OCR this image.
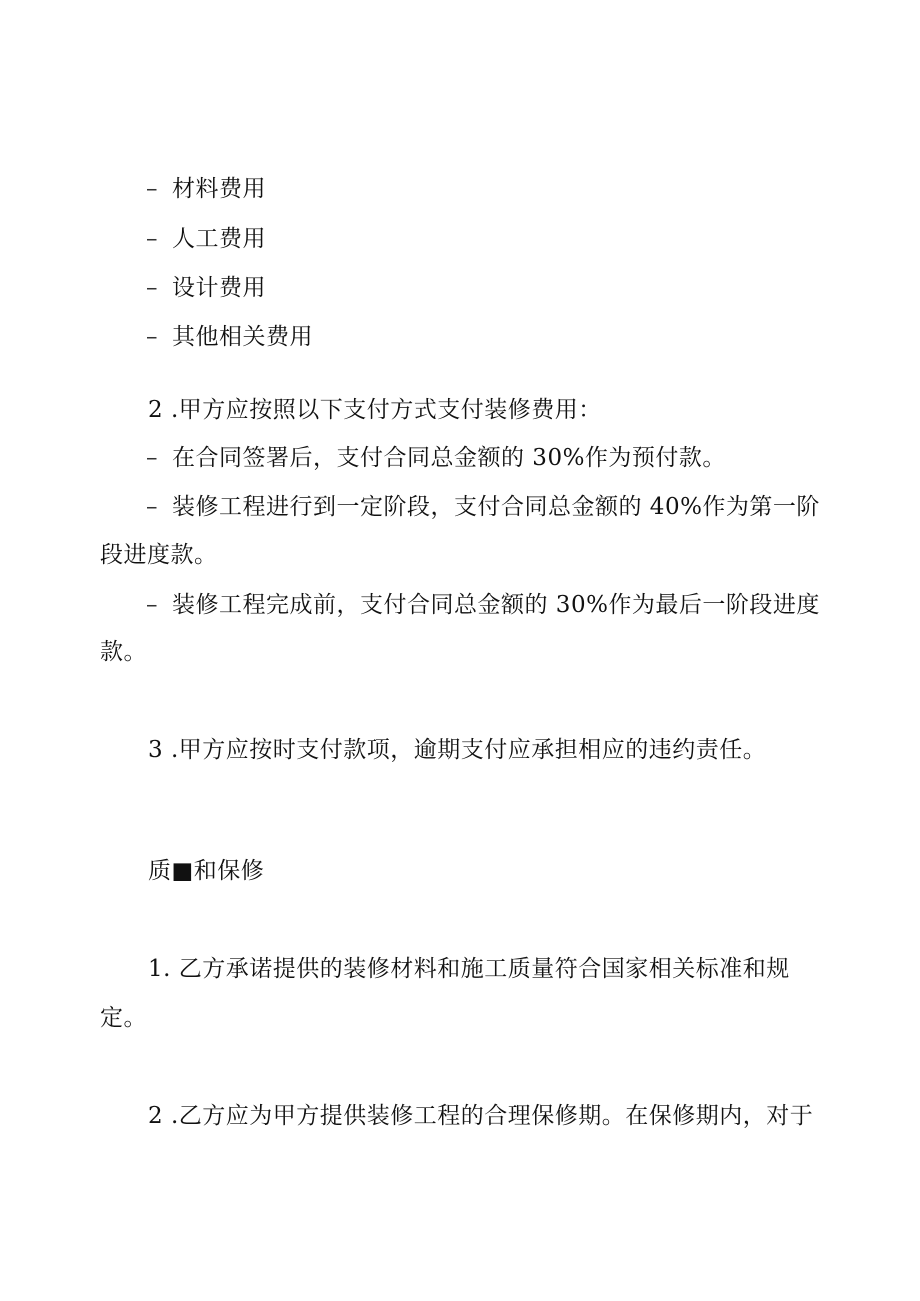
– 材料费用
– 人工费用
– 设计费用
– 其他相关费用
2 .甲方应按照以下支付方式支付装修费用：
– 在合同签署后，支付合同总金额的 30%作为预付款。
– 装修工程进行到一定阶段，支付合同总金额的 40%作为第一阶
段进度款。
– 装修工程完成前，支付合同总金额的 30%作为最后一阶段进度
款。
3 .甲方应按时支付款项，逾期支付应承担相应的违约责任。
质■和保修
1. 乙方承诺提供的装修材料和施工质量符合国家相关标准和规
定。
2 .乙方应为甲方提供装修工程的合理保修期。在保修期内，对于
